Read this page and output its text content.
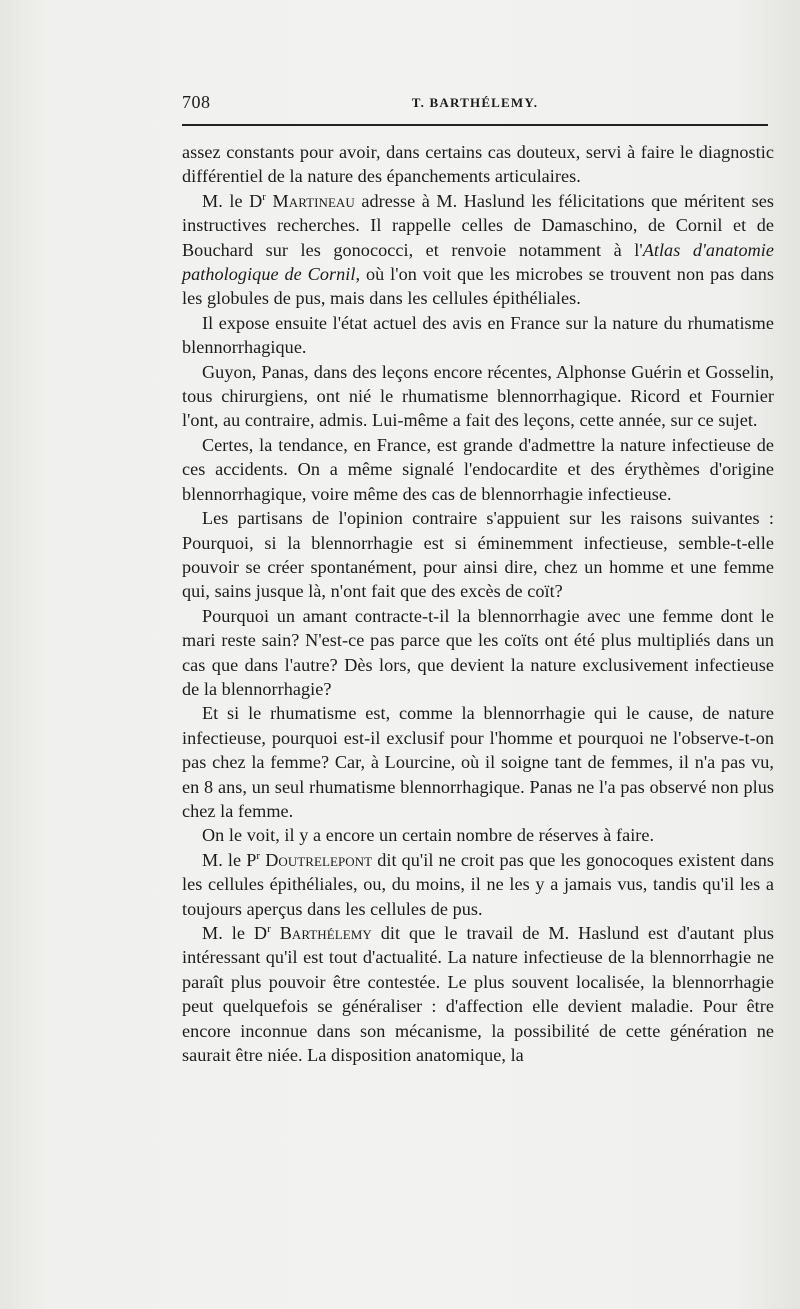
708	T. BARTHÉLEMY.

assez constants pour avoir, dans certains cas douteux, servi à faire le diagnostic différentiel de la nature des épanchements articulaires.

M. le $D^r$ Martineau adresse à M. Haslund les félicitations que méritent ses instructives recherches. Il rappelle celles de Damaschino, de Cornil et de Bouchard sur les gonococci, et renvoie notamment à l'Atlas d'anatomie pathologique de Cornil, où l'on voit que les microbes se trouvent non pas dans les globules de pus, mais dans les cellules épithéliales.

Il expose ensuite l'état actuel des avis en France sur la nature du rhumatisme blennorrhagique.

Guyon, Panas, dans des leçons encore récentes, Alphonse Guérin et Gosselin, tous chirurgiens, ont nié le rhumatisme blennorrhagique. Ricord et Fournier l'ont, au contraire, admis. Lui-même a fait des leçons, cette année, sur ce sujet.

Certes, la tendance, en France, est grande d'admettre la nature infectieuse de ces accidents. On a même signalé l'endocardite et des érythèmes d'origine blennorrhagique, voire même des cas de blennorrhagie infectieuse.

Les partisans de l'opinion contraire s'appuient sur les raisons suivantes : Pourquoi, si la blennorrhagie est si éminemment infectieuse, semble-t-elle pouvoir se créer spontanément, pour ainsi dire, chez un homme et une femme qui, sains jusque là, n'ont fait que des excès de coït?

Pourquoi un amant contracte-t-il la blennorrhagie avec une femme dont le mari reste sain? N'est-ce pas parce que les coïts ont été plus multipliés dans un cas que dans l'autre? Dès lors, que devient la nature exclusivement infectieuse de la blennorrhagie?

Et si le rhumatisme est, comme la blennorrhagie qui le cause, de nature infectieuse, pourquoi est-il exclusif pour l'homme et pourquoi ne l'observe-t-on pas chez la femme? Car, à Lourcine, où il soigne tant de femmes, il n'a pas vu, en 8 ans, un seul rhumatisme blennorrhagique. Panas ne l'a pas observé non plus chez la femme.

On le voit, il y a encore un certain nombre de réserves à faire.

M. le $P^r$ Doutrelepont dit qu'il ne croit pas que les gonocoques existent dans les cellules épithéliales, ou, du moins, il ne les y a jamais vus, tandis qu'il les a toujours aperçus dans les cellules de pus.

M. le $D^r$ Barthélemy dit que le travail de M. Haslund est d'autant plus intéressant qu'il est tout d'actualité. La nature infectieuse de la blennorrhagie ne paraît plus pouvoir être contestée. Le plus souvent localisée, la blennorrhagie peut quelquefois se généraliser : d'affection elle devient maladie. Pour être encore inconnue dans son mécanisme, la possibilité de cette génération ne saurait être niée. La disposition anatomique, la
